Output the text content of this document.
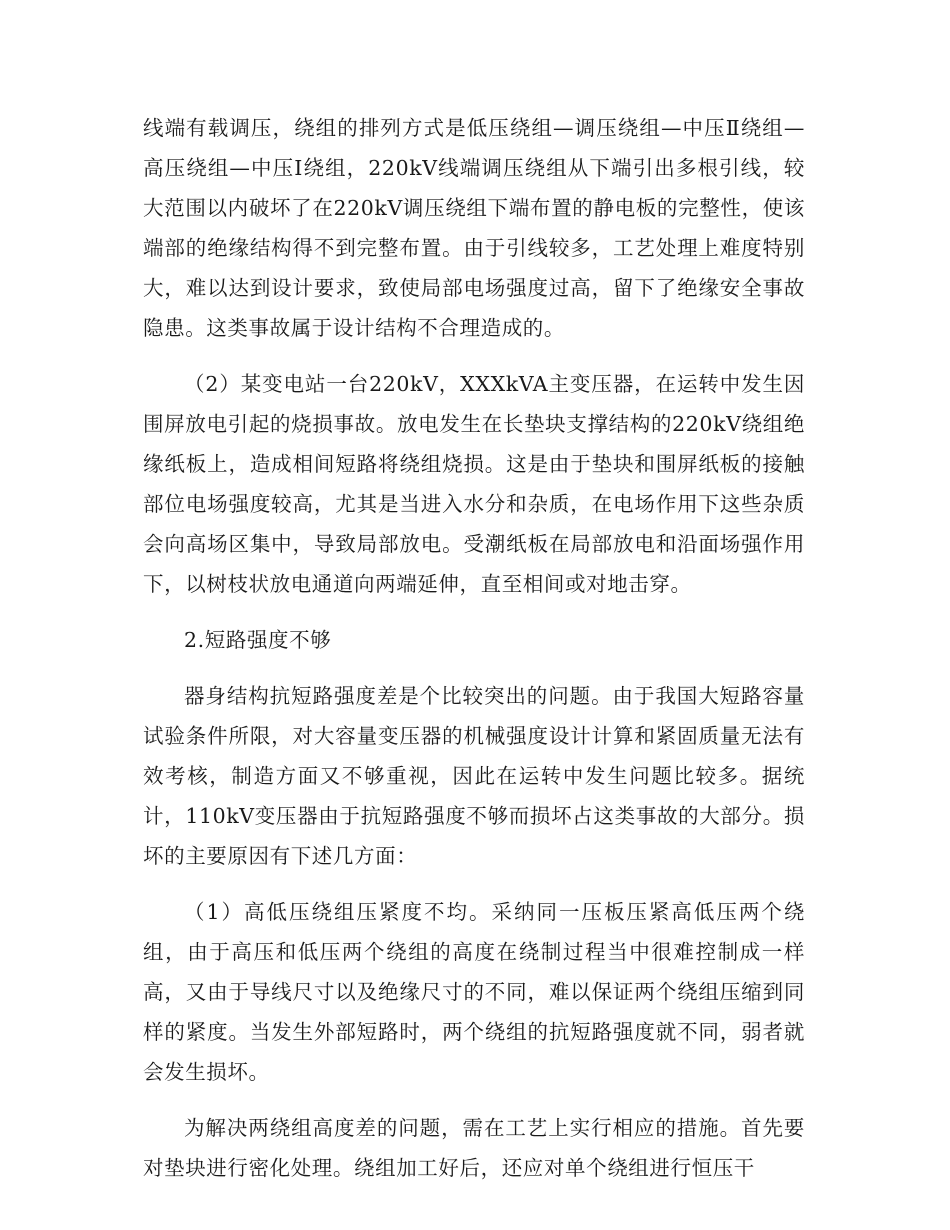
线端有载调压，绕组的排列方式是低压绕组—调压绕组—中压Ⅱ绕组—高压绕组—中压Ⅰ绕组，220kV线端调压绕组从下端引出多根引线，较大范围以内破坏了在220kV调压绕组下端布置的静电板的完整性，使该端部的绝缘结构得不到完整布置。由于引线较多，工艺处理上难度特别大，难以达到设计要求，致使局部电场强度过高，留下了绝缘安全事故隐患。这类事故属于设计结构不合理造成的。

（2）某变电站一台220kV，XXXkVA主变压器，在运转中发生因围屏放电引起的烧损事故。放电发生在长垫块支撑结构的220kV绕组绝缘纸板上，造成相间短路将绕组烧损。这是由于垫块和围屏纸板的接触部位电场强度较高，尤其是当进入水分和杂质，在电场作用下这些杂质会向高场区集中，导致局部放电。受潮纸板在局部放电和沿面场强作用下，以树枝状放电通道向两端延伸，直至相间或对地击穿。

2.短路强度不够

器身结构抗短路强度差是个比较突出的问题。由于我国大短路容量试验条件所限，对大容量变压器的机械强度设计计算和紧固质量无法有效考核，制造方面又不够重视，因此在运转中发生问题比较多。据统计，110kV变压器由于抗短路强度不够而损坏占这类事故的大部分。损坏的主要原因有下述几方面：

（1）高低压绕组压紧度不均。采纳同一压板压紧高低压两个绕组，由于高压和低压两个绕组的高度在绕制过程当中很难控制成一样高，又由于导线尺寸以及绝缘尺寸的不同，难以保证两个绕组压缩到同样的紧度。当发生外部短路时，两个绕组的抗短路强度就不同，弱者就会发生损坏。

为解决两绕组高度差的问题，需在工艺上实行相应的措施。首先要对垫块进行密化处理。绕组加工好后，还应对单个绕组进行恒压干
